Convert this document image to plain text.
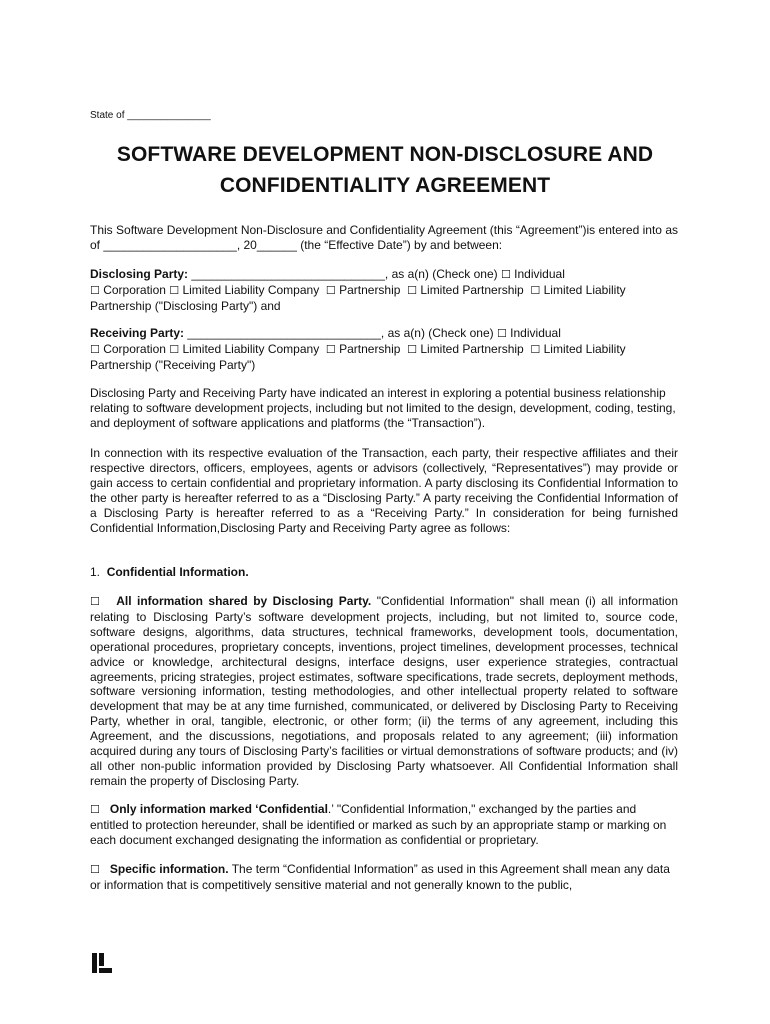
State of _______________
SOFTWARE DEVELOPMENT NON-DISCLOSURE AND
CONFIDENTIALITY AGREEMENT
This Software Development Non-Disclosure and Confidentiality Agreement (this “Agreement”)is entered into as of ____________________, 20______ (the “Effective Date”) by and between:
Disclosing Party: _____________________________, as a(n) (Check one) ☐ Individual
☐ Corporation ☐ Limited Liability Company  ☐ Partnership  ☐ Limited Partnership  ☐ Limited Liability Partnership ("Disclosing Party") and
Receiving Party: _____________________________, as a(n) (Check one) ☐ Individual
☐ Corporation ☐ Limited Liability Company  ☐ Partnership  ☐ Limited Partnership  ☐ Limited Liability Partnership ("Receiving Party")
Disclosing Party and Receiving Party have indicated an interest in exploring a potential business relationship relating to software development projects, including but not limited to the design, development, coding, testing, and deployment of software applications and platforms (the “Transaction”).
In connection with its respective evaluation of the Transaction, each party, their respective affiliates and their respective directors, officers, employees, agents or advisors (collectively, “Representatives”) may provide or gain access to certain confidential and proprietary information. A party disclosing its Confidential Information to the other party is hereafter referred to as a “Disclosing Party.” A party receiving the Confidential Information of a Disclosing Party is hereafter referred to as a “Receiving Party.” In consideration for being furnished Confidential Information,Disclosing Party and Receiving Party agree as follows:
1. Confidential Information.
☐ All information shared by Disclosing Party. "Confidential Information" shall mean (i) all information relating to Disclosing Party’s software development projects, including, but not limited to, source code, software designs, algorithms, data structures, technical frameworks, development tools, documentation, operational procedures, proprietary concepts, inventions, project timelines, development processes, technical advice or knowledge, architectural designs, interface designs, user experience strategies, contractual agreements, pricing strategies, project estimates, software specifications, trade secrets, deployment methods, software versioning information, testing methodologies, and other intellectual property related to software development that may be at any time furnished, communicated, or delivered by Disclosing Party to Receiving Party, whether in oral, tangible, electronic, or other form; (ii) the terms of any agreement, including this Agreement, and the discussions, negotiations, and proposals related to any agreement; (iii) information acquired during any tours of Disclosing Party’s facilities or virtual demonstrations of software products; and (iv) all other non-public information provided by Disclosing Party whatsoever. All Confidential Information shall remain the property of Disclosing Party.
☐ Only information marked ‘Confidential.’ "Confidential Information," exchanged by the parties and entitled to protection hereunder, shall be identified or marked as such by an appropriate stamp or marking on each document exchanged designating the information as confidential or proprietary.
☐ Specific information. The term “Confidential Information” as used in this Agreement shall mean any data or information that is competitively sensitive material and not generally known to the public,
